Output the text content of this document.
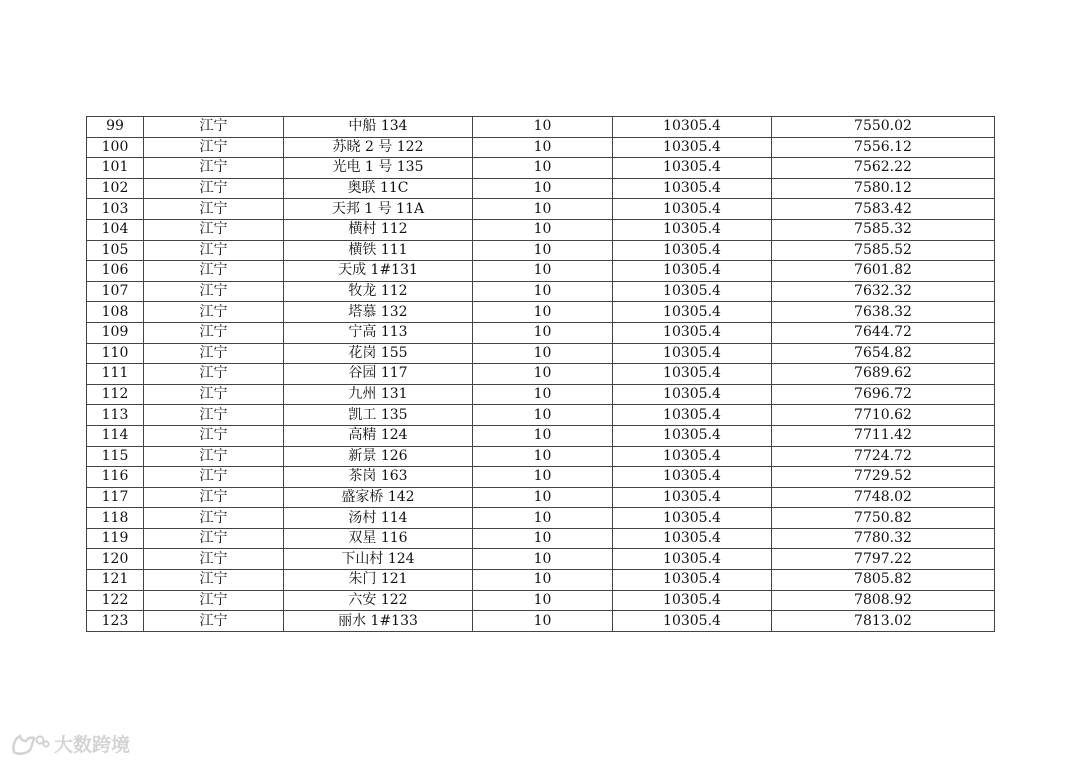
99	江宁	中船 134	10	10305.4	7550.02
100	江宁	苏晓 2 号 122	10	10305.4	7556.12
101	江宁	光电 1 号 135	10	10305.4	7562.22
102	江宁	奥联 11C	10	10305.4	7580.12
103	江宁	天邦 1 号 11A	10	10305.4	7583.42
104	江宁	横村 112	10	10305.4	7585.32
105	江宁	横铁 111	10	10305.4	7585.52
106	江宁	天成 1#131	10	10305.4	7601.82
107	江宁	牧龙 112	10	10305.4	7632.32
108	江宁	塔慕 132	10	10305.4	7638.32
109	江宁	宁高 113	10	10305.4	7644.72
110	江宁	花岗 155	10	10305.4	7654.82
111	江宁	谷园 117	10	10305.4	7689.62
112	江宁	九州 131	10	10305.4	7696.72
113	江宁	凯工 135	10	10305.4	7710.62
114	江宁	高精 124	10	10305.4	7711.42
115	江宁	新景 126	10	10305.4	7724.72
116	江宁	茶岗 163	10	10305.4	7729.52
117	江宁	盛家桥 142	10	10305.4	7748.02
118	江宁	汤村 114	10	10305.4	7750.82
119	江宁	双星 116	10	10305.4	7780.32
120	江宁	下山村 124	10	10305.4	7797.22
121	江宁	朱门 121	10	10305.4	7805.82
122	江宁	六安 122	10	10305.4	7808.92
123	江宁	丽水 1#133	10	10305.4	7813.02
大数跨境
